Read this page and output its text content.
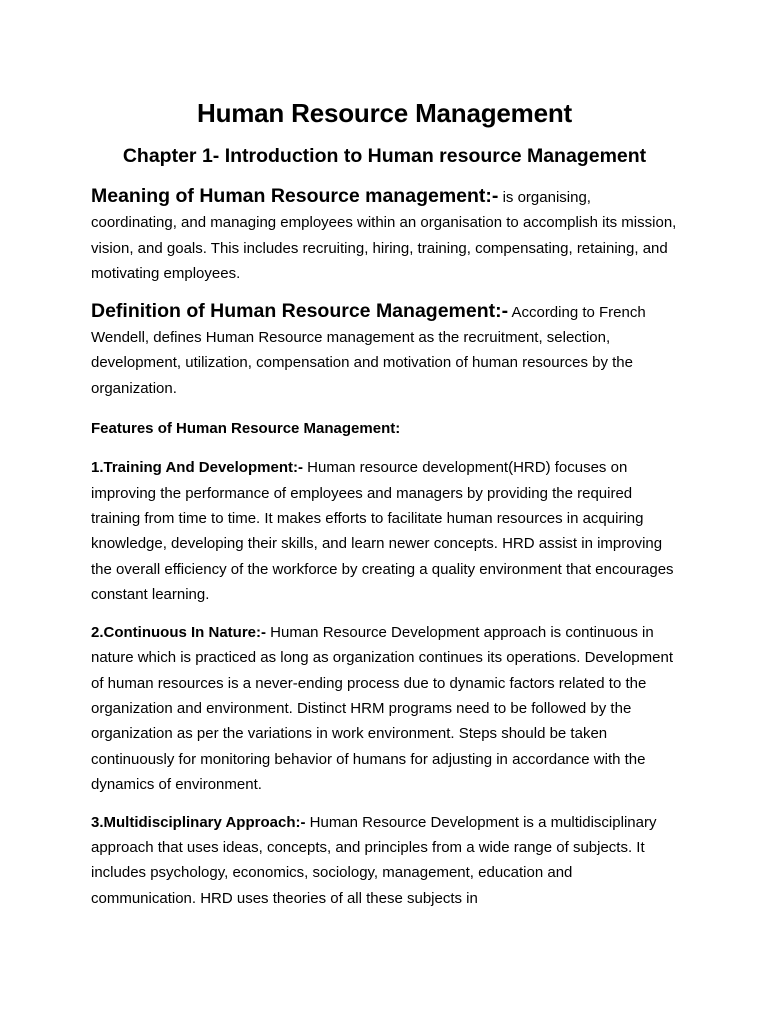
Human Resource Management
Chapter 1- Introduction to Human resource Management

Meaning of Human Resource management:- is organising, coordinating, and managing employees within an organisation to accomplish its mission, vision, and goals. This includes recruiting, hiring, training, compensating, retaining, and motivating employees.

Definition of Human Resource Management:- According to French Wendell, defines Human Resource management as the recruitment, selection, development, utilization, compensation and motivation of human resources by the organization.

Features of Human Resource Management:

1.Training And Development:- Human resource development(HRD) focuses on improving the performance of employees and managers by providing the required training from time to time. It makes efforts to facilitate human resources in acquiring knowledge, developing their skills, and learn newer concepts. HRD assist in improving the overall efficiency of the workforce by creating a quality environment that encourages constant learning.

2.Continuous In Nature:- Human Resource Development approach is continuous in nature which is practiced as long as organization continues its operations. Development of human resources is a never-ending process due to dynamic factors related to the organization and environment. Distinct HRM programs need to be followed by the organization as per the variations in work environment. Steps should be taken continuously for monitoring behavior of humans for adjusting in accordance with the dynamics of environment.

3.Multidisciplinary Approach:- Human Resource Development is a multidisciplinary approach that uses ideas, concepts, and principles from a wide range of subjects. It includes psychology, economics, sociology, management, education and communication. HRD uses theories of all these subjects in
